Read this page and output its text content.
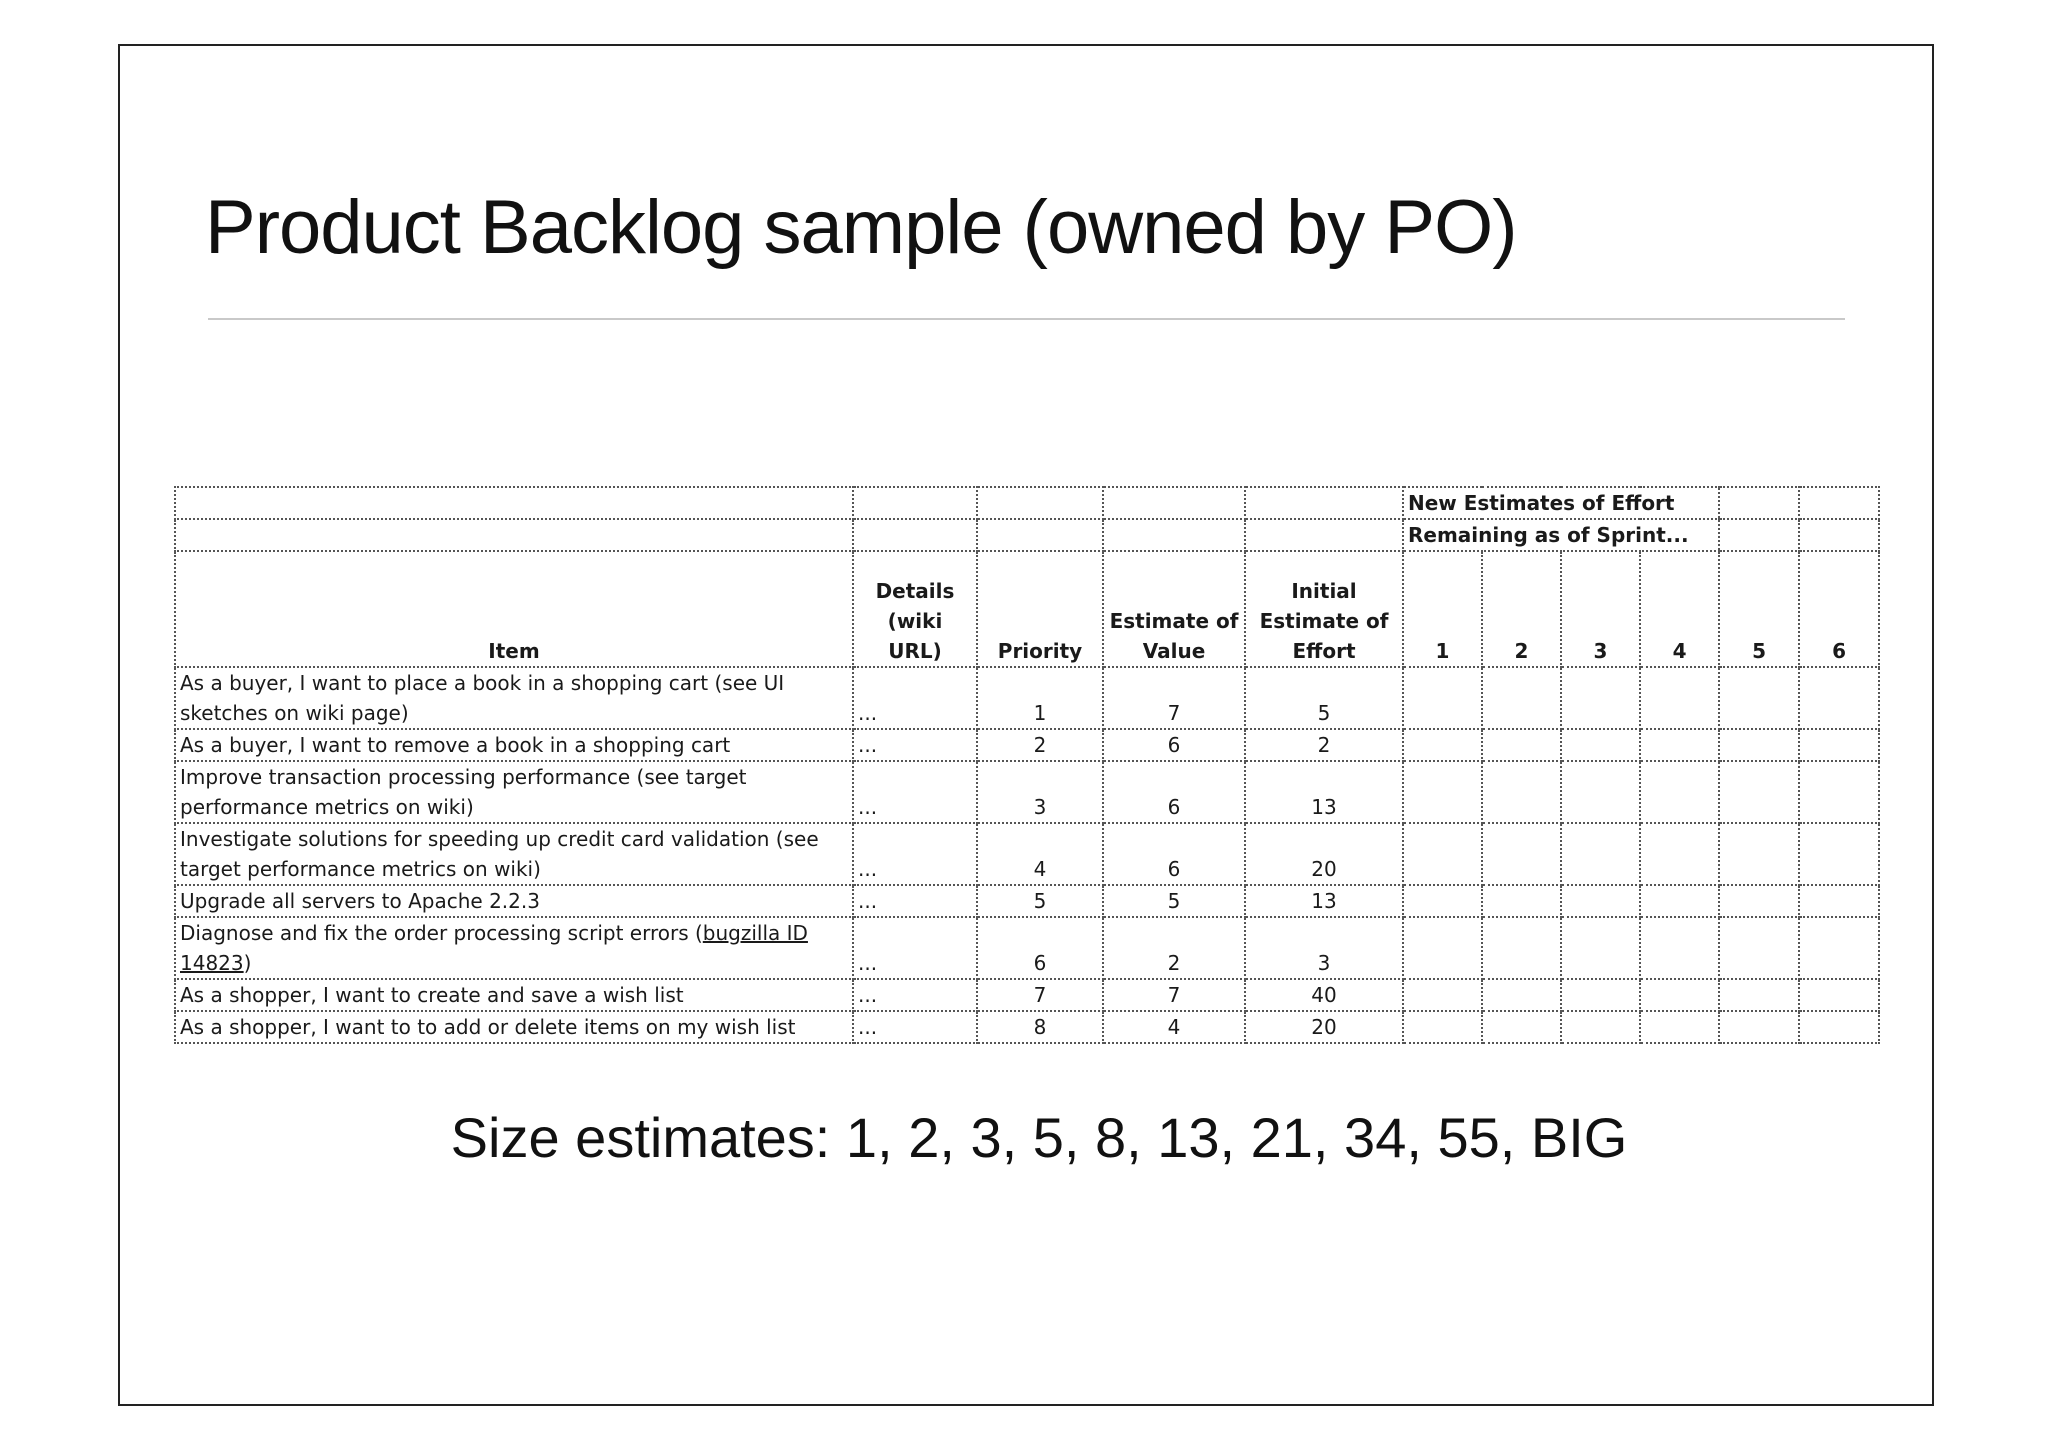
Product Backlog sample (owned by PO)
					New Estimates of Effort					
					Remaining as of Sprint...					
Item	Details (wiki URL)	Priority	Estimate of Value	Initial Estimate of Effort	1	2	3	4	5	6
As a buyer, I want to place a book in a shopping cart (see UI sketches on wiki page)	...	1	7	5						
As a buyer, I want to remove a book in a shopping cart	...	2	6	2						
Improve transaction processing performance (see target performance metrics on wiki)	...	3	6	13						
Investigate solutions for speeding up credit card validation (see target performance metrics on wiki)	...	4	6	20						
Upgrade all servers to Apache 2.2.3	...	5	5	13						
Diagnose and fix the order processing script errors (bugzilla ID 14823)	...	6	2	3						
As a shopper, I want to create and save a wish list	...	7	7	40						
As a shopper, I want to to add or delete items on my wish list	...	8	4	20						
Size estimates: 1, 2, 3, 5, 8, 13, 21, 34, 55, BIG
